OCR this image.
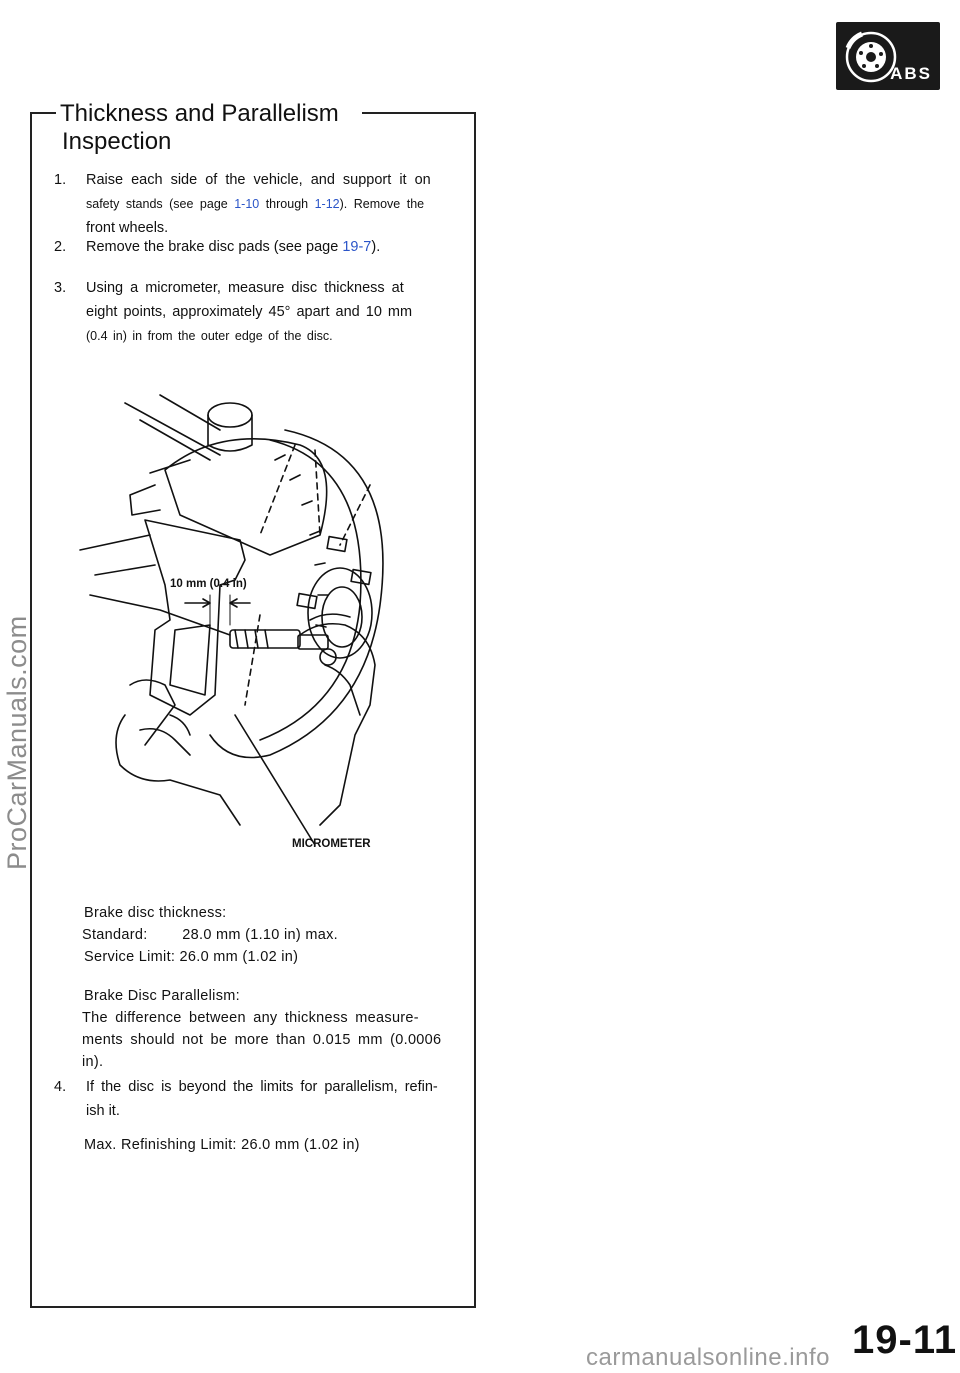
ABS
Thickness and Parallelism
Inspection
1. Raise each side of the vehicle, and support it on
safety stands (see page 1-10 through 1-12). Remove the
front wheels.
2. Remove the brake disc pads (see page 19-7).
3. Using a micrometer, measure disc thickness at
eight points, approximately 45° apart and 10 mm
(0.4 in) in from the outer edge of the disc.
10 mm (0.4 in)
MICROMETER
Brake disc thickness:
Standard: 28.0 mm (1.10 in) max.
Service Limit: 26.0 mm (1.02 in)
Brake Disc Parallelism:
The difference between any thickness measure-
ments should not be more than 0.015 mm (0.0006
in).
4. If the disc is beyond the limits for parallelism, refin-
ish it.
Max. Refinishing Limit: 26.0 mm (1.02 in)
ProCarManuals.com
19-11
carmanualsonline.info
